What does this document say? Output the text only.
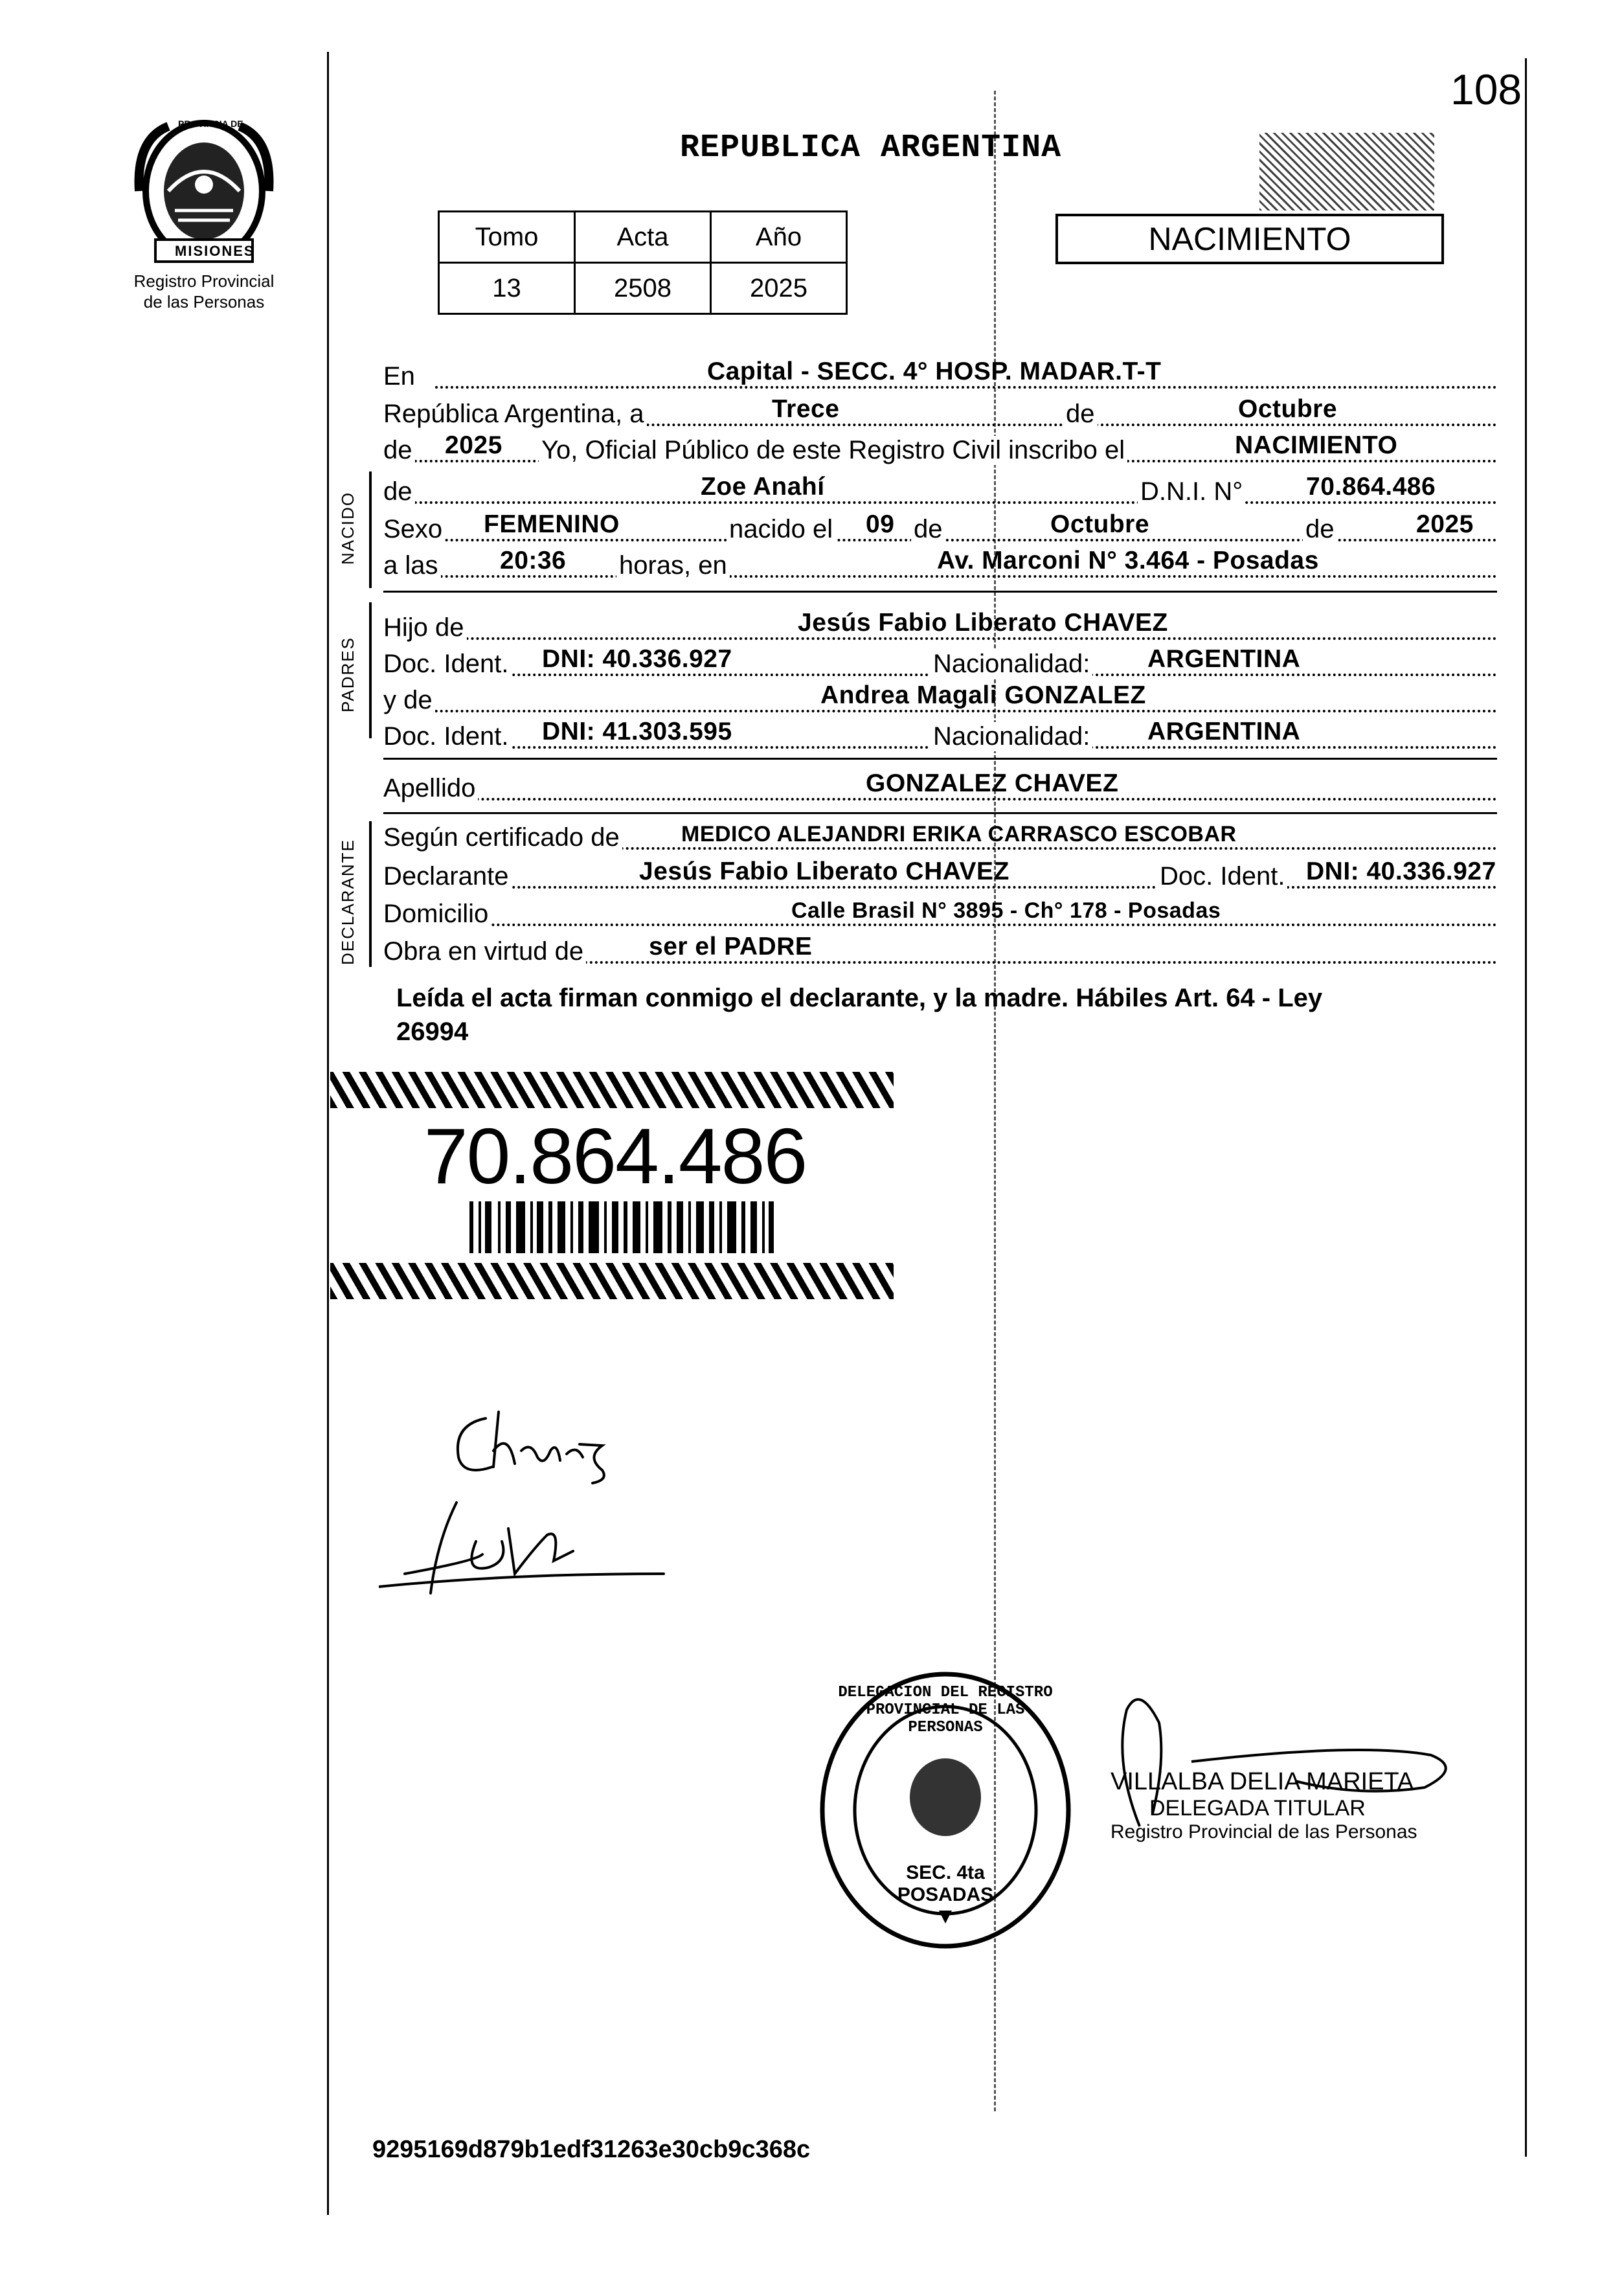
108
PROVINCIA DE
MISIONES
Registro Provincial
de las Personas
REPUBLICA ARGENTINA
Tomo	Acta	Año
13	2508	2025
NACIMIENTO
En	Capital - SECC. 4° HOSP. MADAR.T-T
República Argentina, a	Trece	de	Octubre
de 2025 Yo, Oficial Público de este Registro Civil inscribo el	NACIMIENTO
NACIDO de	Zoe Anahí	D.N.I. N°	70.864.486
Sexo FEMENINO	nacido el 09 de	Octubre	de	2025
a las 20:36 horas, en	Av. Marconi N° 3.464 - Posadas
PADRES
Hijo de	Jesús Fabio Liberato CHAVEZ
Doc. Ident. DNI: 40.336.927	Nacionalidad: ARGENTINA
y de	Andrea Magali GONZALEZ
Doc. Ident. DNI: 41.303.595	Nacionalidad: ARGENTINA
Apellido	GONZALEZ CHAVEZ
DECLARANTE
Según certificado de	MEDICO ALEJANDRI ERIKA CARRASCO ESCOBAR
Declarante	Jesús Fabio Liberato CHAVEZ	Doc. Ident. DNI: 40.336.927
Domicilio	Calle Brasil N° 3895 - Ch° 178 - Posadas
Obra en virtud de	ser el PADRE
Leída el acta firman conmigo el declarante, y la madre. Hábiles Art. 64 - Ley
26994
70.864.486
DELEGACION DEL REGISTRO PROVINCIAL DE LAS PERSONAS
SEC. 4ta POSADAS
VILLALBA DELIA MARIETA
DELEGADA TITULAR
Registro Provincial de las Personas
9295169d879b1edf31263e30cb9c368c
